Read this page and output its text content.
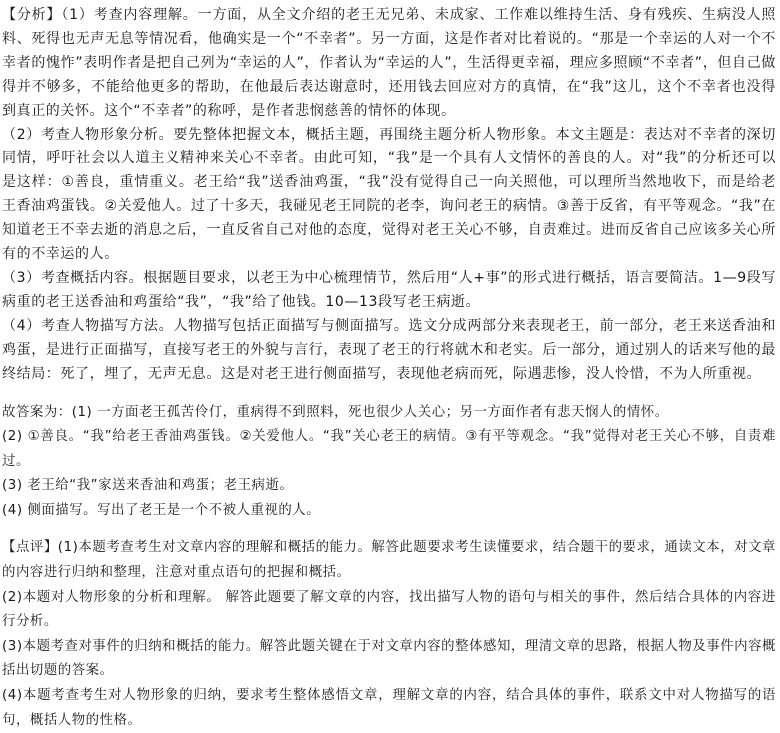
【分析】（1）考查内容理解。一方面，从全文介绍的老王无兄弟、未成家、工作难以维持生活、身有残疾、生病没人照料、死得也无声无息等情况看，他确实是一个“不幸者”。另一方面，这是作者对比着说的。“那是一个幸运的人对一个不幸者的愧怍”表明作者是把自己列为“幸运的人”，作者认为“幸运的人”，生活得更幸福，理应多照顾“不幸者”，但自己做得并不够多，不能给他更多的帮助，在他最后表达谢意时，还用钱去回应对方的真情，在“我”这儿，这个不幸者也没得到真正的关怀。这个“不幸者”的称呼，是作者悲悯慈善的情怀的体现。

（2）考查人物形象分析。要先整体把握文本，概括主题，再围绕主题分析人物形象。本文主题是：表达对不幸者的深切同情，呼吁社会以人道主义精神来关心不幸者。由此可知，“我”是一个具有人文情怀的善良的人。对“我”的分析还可以是这样：①善良，重情重义。老王给“我”送香油鸡蛋，“我”没有觉得自己一向关照他，可以理所当然地收下，而是给老王香油鸡蛋钱。②关爱他人。过了十多天，我碰见老王同院的老李，询问老王的病情。③善于反省，有平等观念。“我”在知道老王不幸去逝的消息之后，一直反省自己对他的态度，觉得对老王关心不够，自责难过。进而反省自己应该多关心所有的不幸运的人。

（3）考查概括内容。根据题目要求，以老王为中心梳理情节，然后用“人+事”的形式进行概括，语言要简洁。1—9段写病重的老王送香油和鸡蛋给“我”，“我”给了他钱。10—13段写老王病逝。

（4）考查人物描写方法。人物描写包括正面描写与侧面描写。选文分成两部分来表现老王，前一部分，老王来送香油和鸡蛋，是进行正面描写，直接写老王的外貌与言行，表现了老王的行将就木和老实。后一部分，通过别人的话来写他的最终结局：死了，埋了，无声无息。这是对老王进行侧面描写，表现他老病而死，际遇悲惨，没人怜惜，不为人所重视。

故答案为：(1) 一方面老王孤苦伶仃，重病得不到照料，死也很少人关心；另一方面作者有悲天悯人的情怀。

(2) ①善良。“我”给老王香油鸡蛋钱。②关爱他人。“我”关心老王的病情。③有平等观念。“我”觉得对老王关心不够，自责难过。

(3) 老王给“我”家送来香油和鸡蛋；老王病逝。

(4) 侧面描写。写出了老王是一个不被人重视的人。

【点评】(1)本题考查考生对文章内容的理解和概括的能力。解答此题要求考生读懂要求，结合题干的要求，通读文本，对文章的内容进行归纳和整理，注意对重点语句的把握和概括。

(2)本题对人物形象的分析和理解。 解答此题要了解文章的内容，找出描写人物的语句与相关的事件，然后结合具体的内容进行分析。

(3)本题考查对事件的归纳和概括的能力。解答此题关键在于对文章内容的整体感知，理清文章的思路，根据人物及事件内容概括出切题的答案。

(4)本题考查考生对人物形象的归纳，要求考生整体感悟文章，理解文章的内容，结合具体的事件，联系文中对人物描写的语句，概括人物的性格。
